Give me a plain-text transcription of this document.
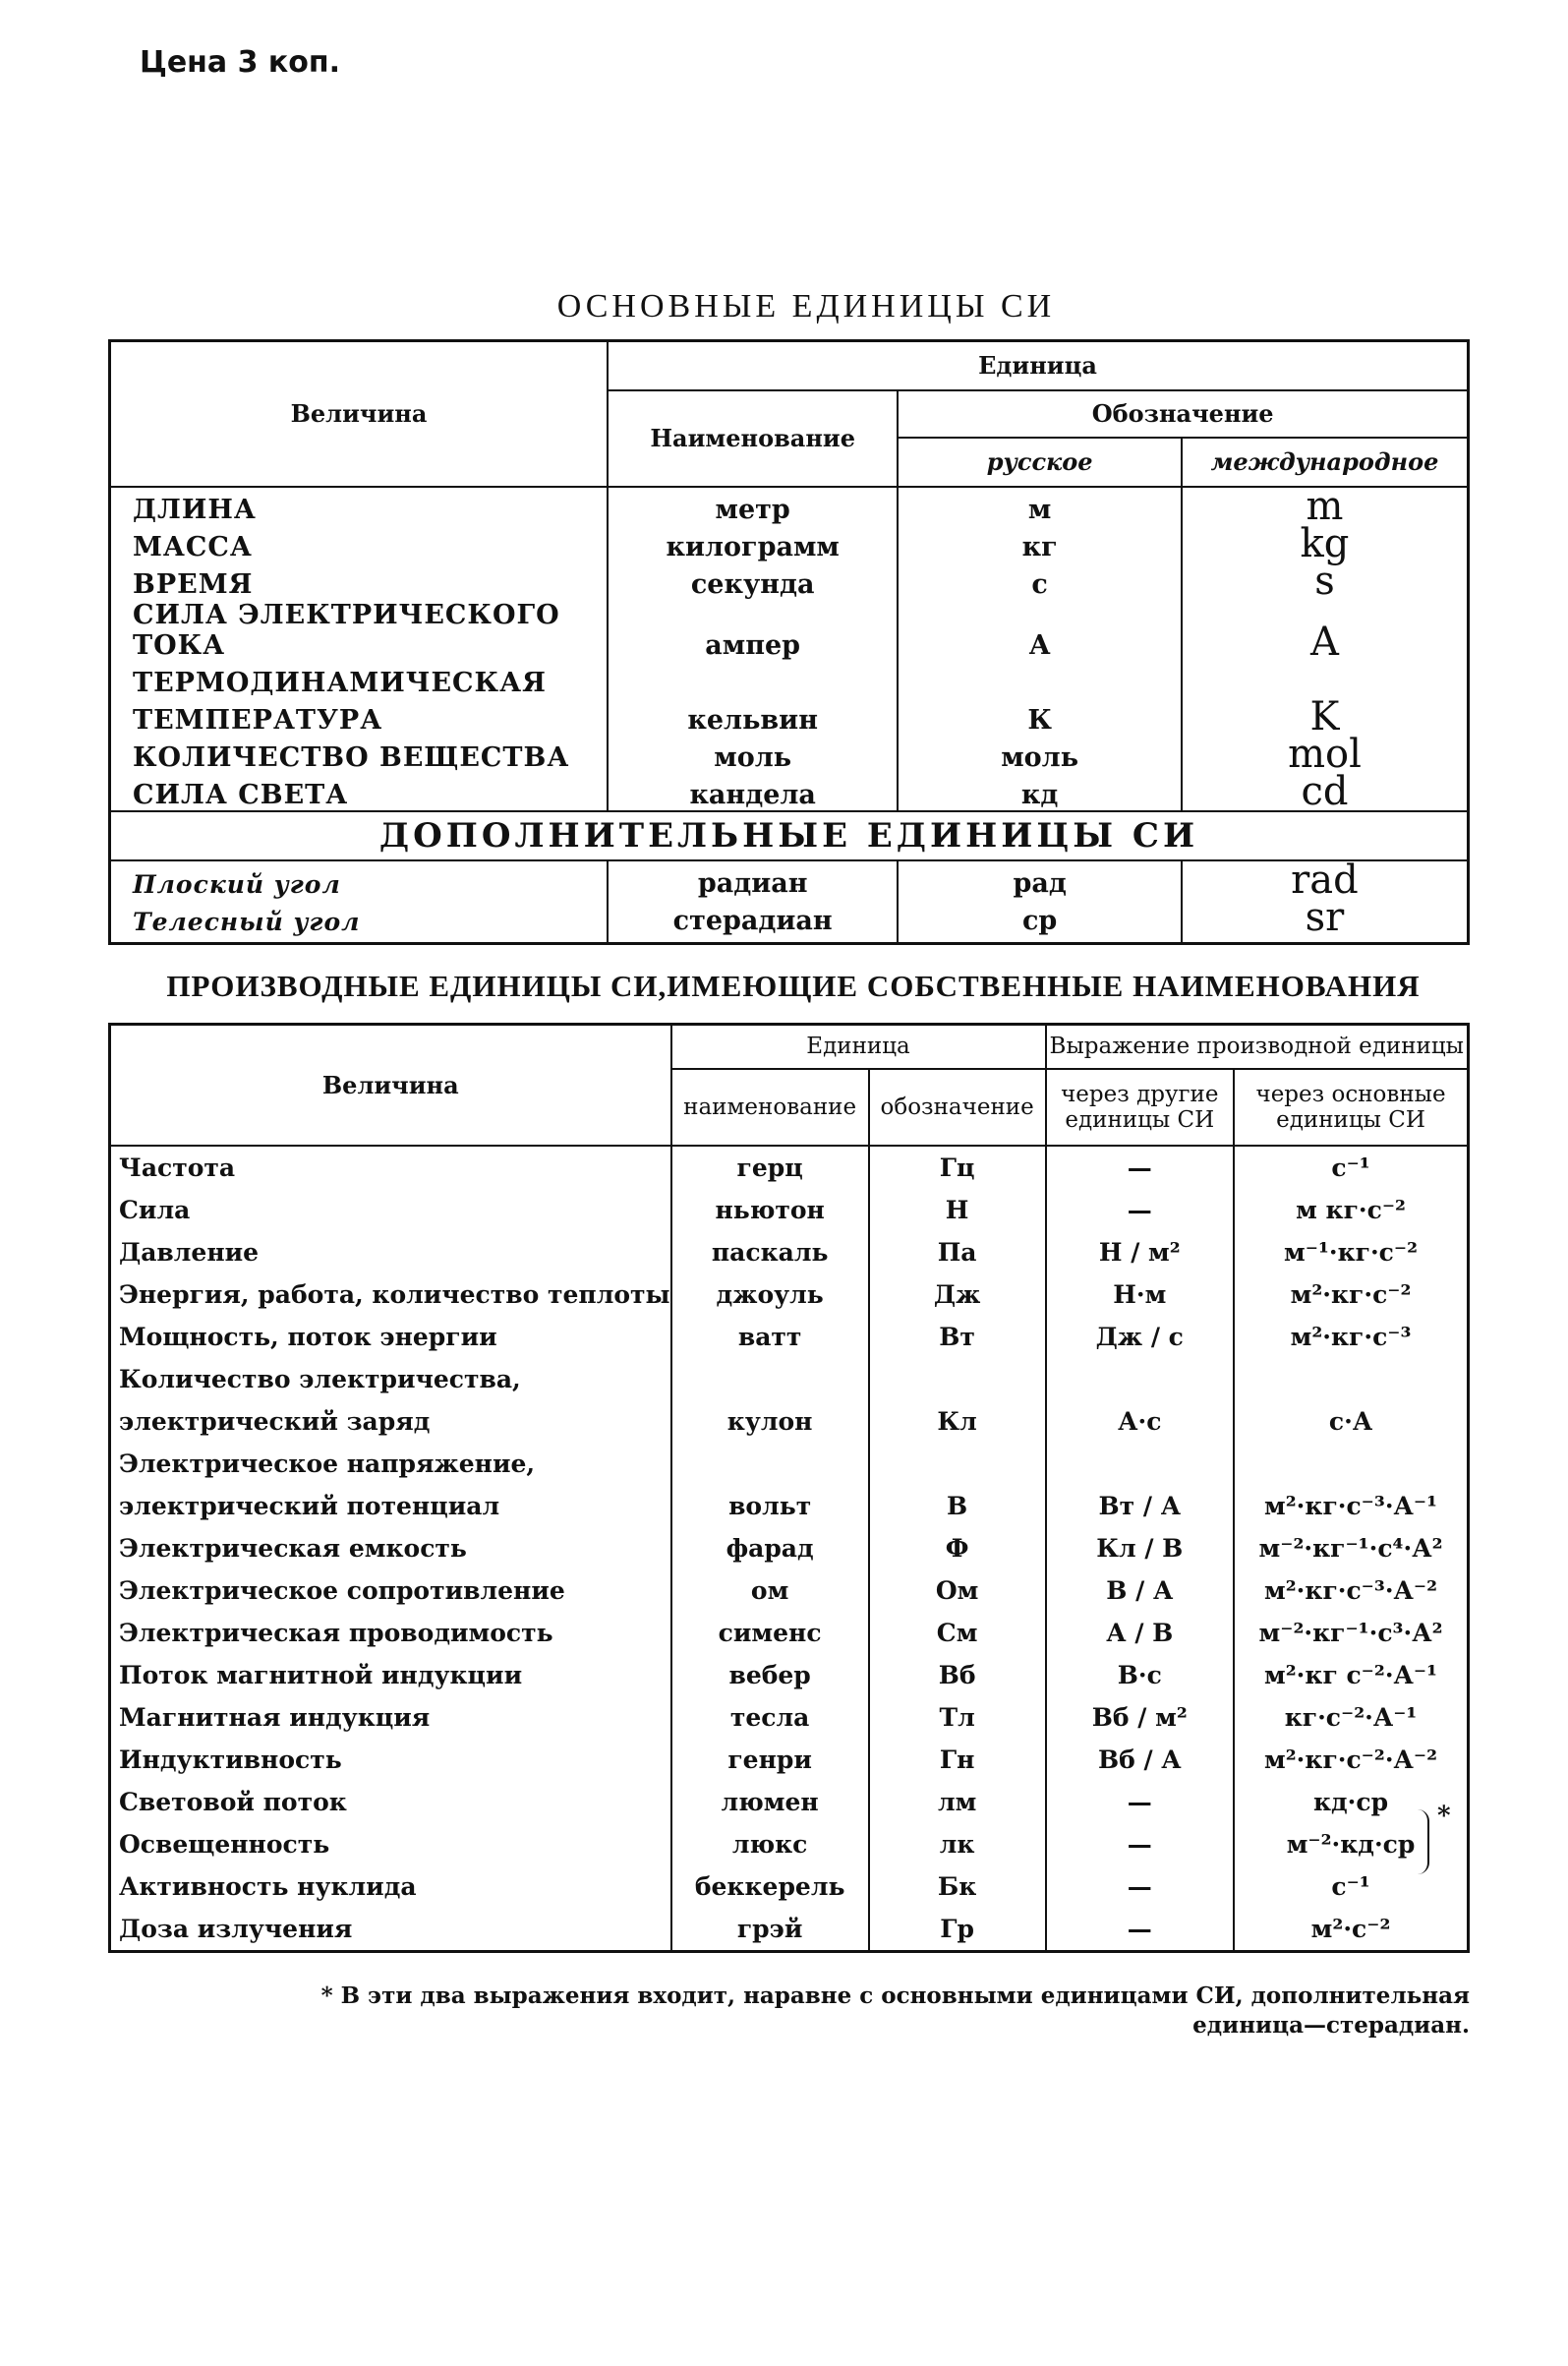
Цена 3 коп.
ОСНОВНЫЕ ЕДИНИЦЫ СИ
Величина	Единица		
	Наименование	Обозначение	
		русское	международное
ДЛИНА	метр	м	m
МАССА	килограмм	кг	kg
ВРЕМЯ	секунда	с	s
СИЛА ЭЛЕКТРИЧЕСКОГО ТОКА	ампер	А	A
ТЕРМОДИНАМИЧЕСКАЯ			
ТЕМПЕРАТУРА	кельвин	К	K
КОЛИЧЕСТВО ВЕЩЕСТВА	моль	моль	mol
СИЛА СВЕТА	кандела	кд	cd
ДОПОЛНИТЕЛЬНЫЕ ЕДИНИЦЫ СИ			
Плоский угол	радиан	рад	rad
Телесный угол	стерадиан	ср	sr
ПРОИЗВОДНЫЕ ЕДИНИЦЫ СИ,ИМЕЮЩИЕ СОБСТВЕННЫЕ НАИМЕНОВАНИЯ
Величина	Единица		Выражение производной единицы	
	наименование	обозначение	через другие единицы СИ	через основные единицы СИ
Частота	герц	Гц	—	с⁻¹
Сила	ньютон	Н	—	м кг·с⁻²
Давление	паскаль	Па	Н / м²	м⁻¹·кг·с⁻²
Энергия, работа, количество теплоты	джоуль	Дж	Н·м	м²·кг·с⁻²
Мощность, поток энергии	ватт	Вт	Дж / с	м²·кг·с⁻³
Количество электричества,				
электрический заряд	кулон	Кл	А·с	с·А
Электрическое напряжение,				
электрический потенциал	вольт	В	Вт / А	м²·кг·с⁻³·А⁻¹
Электрическая емкость	фарад	Ф	Кл / В	м⁻²·кг⁻¹·с⁴·А²
Электрическое сопротивление	ом	Ом	В / А	м²·кг·с⁻³·А⁻²
Электрическая проводимость	сименс	См	А / В	м⁻²·кг⁻¹·с³·А²
Поток магнитной индукции	вебер	Вб	В·с	м²·кг с⁻²·А⁻¹
Магнитная индукция	тесла	Тл	Вб / м²	кг·с⁻²·А⁻¹
Индуктивность	генри	Гн	Вб / А	м²·кг·с⁻²·А⁻²
Световой поток	люмен	лм	—	кд·ср
Освещенность	люкс	лк	—	м⁻²·кд·ср
Активность нуклида	беккерель	Бк	—	с⁻¹
Доза излучения	грэй	Гр	—	м²·с⁻²
*
* В эти два выражения входит, наравне с основными единицами СИ, дополнительная единица—стерадиан.
